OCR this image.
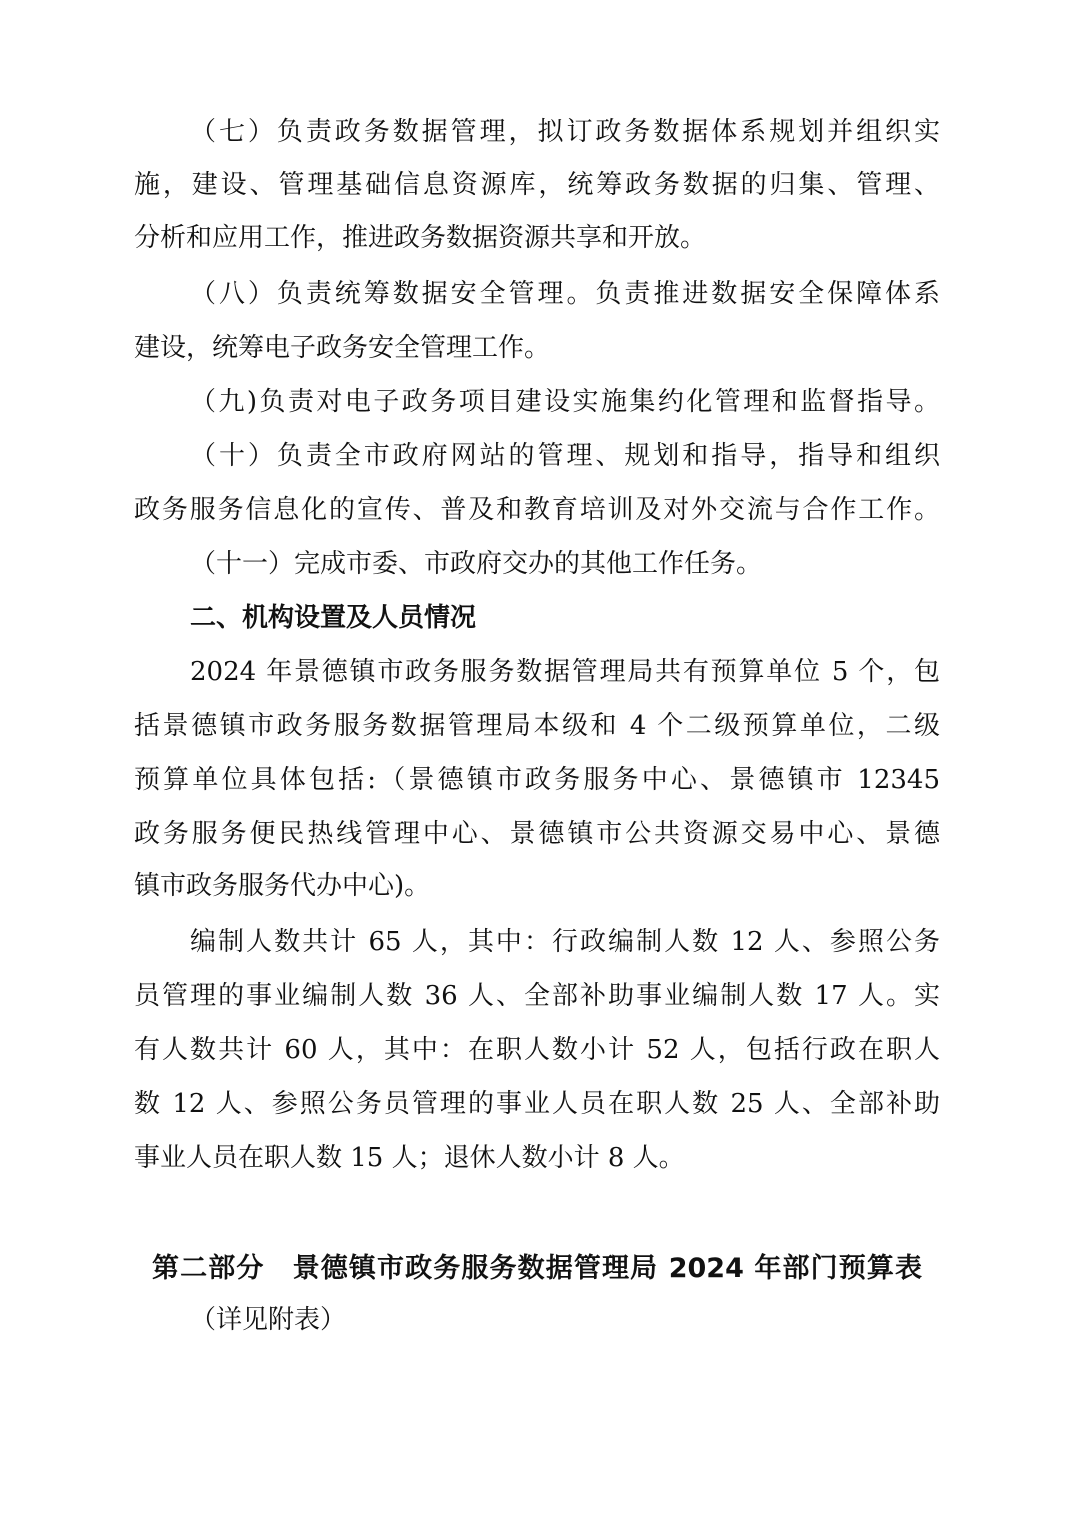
（七）负责政务数据管理，拟订政务数据体系规划并组织实
施，建设、管理基础信息资源库，统筹政务数据的归集、管理、
分析和应用工作，推进政务数据资源共享和开放。
（八）负责统筹数据安全管理。负责推进数据安全保障体系
建设，统筹电子政务安全管理工作。
（九)负责对电子政务项目建设实施集约化管理和监督指导。
（十）负责全市政府网站的管理、规划和指导，指导和组织
政务服务信息化的宣传、普及和教育培训及对外交流与合作工作。
（十一）完成市委、市政府交办的其他工作任务。
二、机构设置及人员情况
2024 年景德镇市政务服务数据管理局共有预算单位 5 个，包
括景德镇市政务服务数据管理局本级和 4 个二级预算单位，二级
预算单位具体包括:（景德镇市政务服务中心、景德镇市 12345
政务服务便民热线管理中心、景德镇市公共资源交易中心、景德
镇市政务服务代办中心)。
编制人数共计 65 人，其中：行政编制人数 12 人、参照公务
员管理的事业编制人数 36 人、全部补助事业编制人数 17 人。实
有人数共计 60 人，其中：在职人数小计 52 人，包括行政在职人
数 12 人、参照公务员管理的事业人员在职人数 25 人、全部补助
事业人员在职人数 15 人；退休人数小计 8 人。
第二部分　景德镇市政务服务数据管理局 2024 年部门预算表
（详见附表）
